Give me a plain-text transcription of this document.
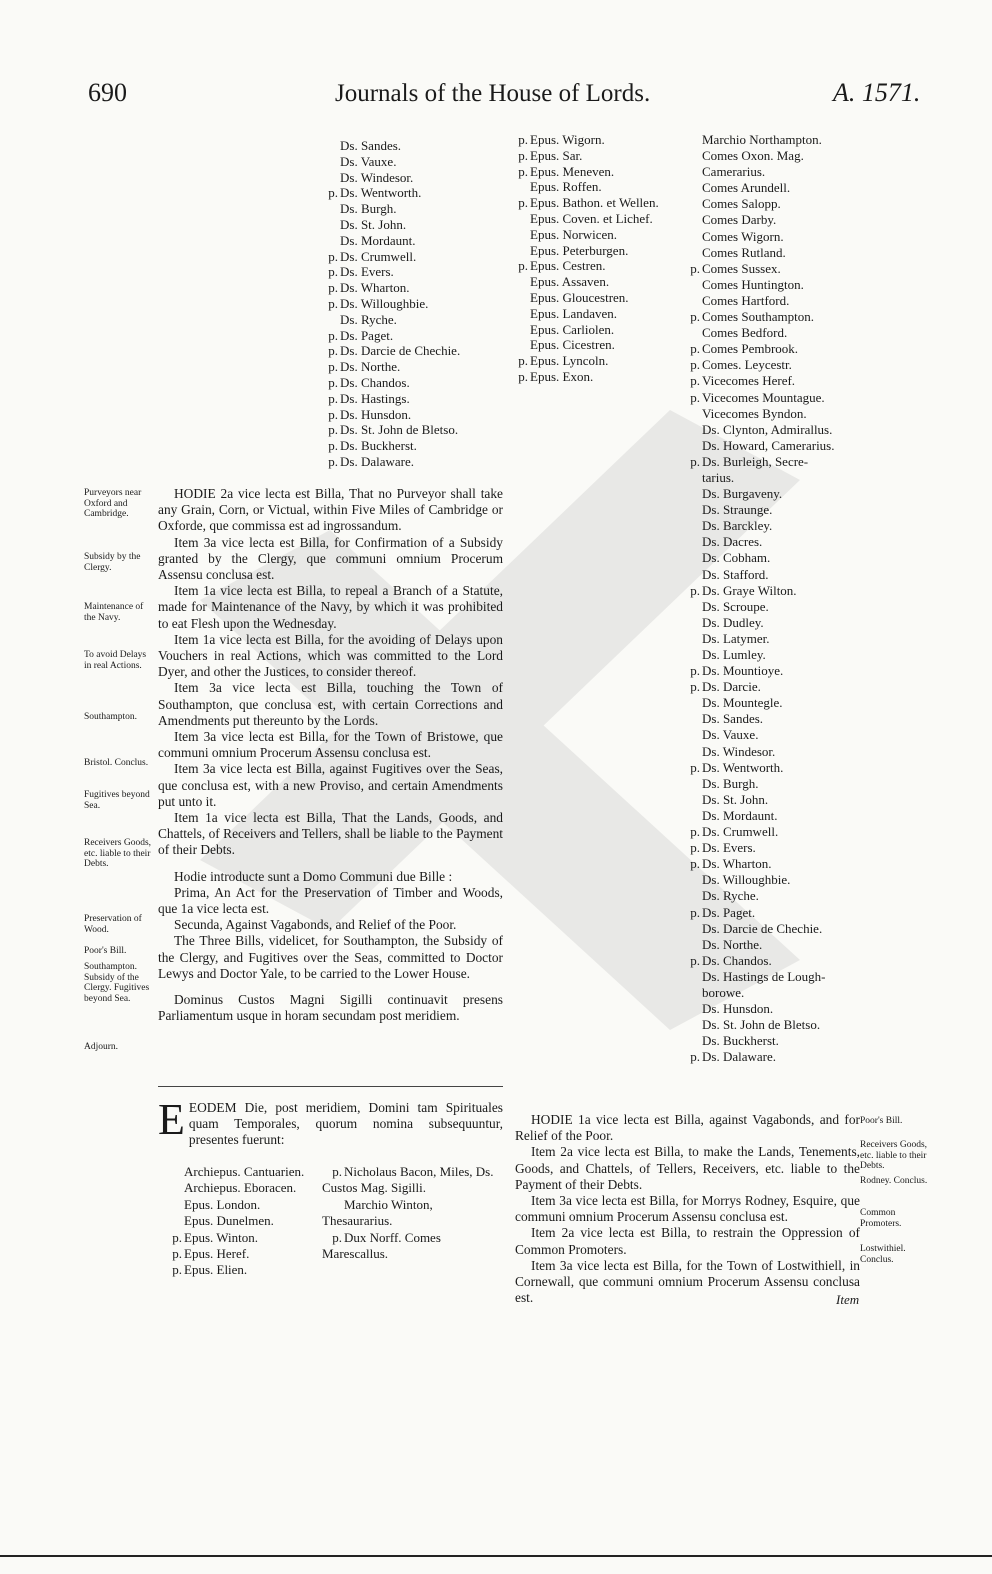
690	Journals of the House of Lords.	A. 1571.
Ds. Sandes.
Ds. Vauxe.
Ds. Windesor.
p. Ds. Wentworth.
Ds. Burgh.
Ds. St. John.
Ds. Mordaunt.
p. Ds. Crumwell.
p. Ds. Evers.
p. Ds. Wharton.
p. Ds. Willoughbie.
Ds. Ryche.
p. Ds. Paget.
p. Ds. Darcie de Chechie.
p. Ds. Northe.
p. Ds. Chandos.
p. Ds. Hastings.
p. Ds. Hunsdon.
p. Ds. St. John de Bletso.
p. Ds. Buckherst.
p. Ds. Dalaware.
p. Epus. Wigorn.
p. Epus. Sar.
p. Epus. Meneven.
Epus. Roffen.
p. Epus. Bathon. et Wellen.
Epus. Coven. et Lichef.
Epus. Norwicen.
Epus. Peterburgen.
p. Epus. Cestren.
Epus. Assaven.
Epus. Gloucestren.
Epus. Landaven.
Epus. Carliolen.
Epus. Cicestren.
p. Epus. Lyncoln.
p. Epus. Exon.
Marchio Northampton.
Comes Oxon. Mag.
Camerarius.
Comes Arundell.
Comes Salopp.
Comes Darby.
Comes Wigorn.
Comes Rutland.
p. Comes Sussex.
Comes Huntington.
Comes Hartford.
p. Comes Southampton.
Comes Bedford.
p. Comes Pembrook.
p. Comes. Leycestr.
p. Vicecomes Heref.
p. Vicecomes Mountague.
Vicecomes Byndon.
Ds. Clynton, Admirallus.
Ds. Howard, Camerarius.
p. Ds. Burleigh, Secre-
tarius.
Ds. Burgaveny.
Ds. Straunge.
Ds. Barckley.
Ds. Dacres.
Ds. Cobham.
Ds. Stafford.
p. Ds. Graye Wilton.
Ds. Scroupe.
Ds. Dudley.
Ds. Latymer.
Ds. Lumley.
p. Ds. Mountioye.
p. Ds. Darcie.
Ds. Mountegle.
Ds. Sandes.
Ds. Vauxe.
Ds. Windesor.
p. Ds. Wentworth.
Ds. Burgh.
Ds. St. John.
Ds. Mordaunt.
p. Ds. Crumwell.
p. Ds. Evers.
p. Ds. Wharton.
Ds. Willoughbie.
Ds. Ryche.
p. Ds. Paget.
Ds. Darcie de Chechie.
Ds. Northe.
p. Ds. Chandos.
Ds. Hastings de Lough-
borowe.
Ds. Hunsdon.
Ds. St. John de Bletso.
Ds. Buckherst.
p. Ds. Dalaware.
Purveyors near Oxford and Cambridge.
Subsidy by the Clergy.
Maintenance of the Navy.
To avoid Delays in real Actions.
Southampton.
Bristol. Conclus.
Fugitives beyond Sea.
Receivers Goods, etc. liable to their Debts.
Preservation of Wood.
Poor's Bill.
Southampton. Subsidy of the Clergy. Fugitives beyond Sea.
Adjourn.

HODIE 2a vice lecta est Billa, That no Purveyor shall take any Grain, Corn, or Victual, within Five Miles of Cambridge or Oxforde, que commissa est ad ingrossandum.

Item 3a vice lecta est Billa, for Confirmation of a Subsidy granted by the Clergy, que communi omnium Procerum Assensu conclusa est.

Item 1a vice lecta est Billa, to repeal a Branch of a Statute, made for Maintenance of the Navy, by which it was prohibited to eat Flesh upon the Wednesday.

Item 1a vice lecta est Billa, for the avoiding of Delays upon Vouchers in real Actions, which was committed to the Lord Dyer, and other the Justices, to consider thereof.

Item 3a vice lecta est Billa, touching the Town of Southampton, que conclusa est, with certain Corrections and Amendments put thereunto by the Lords.

Item 3a vice lecta est Billa, for the Town of Bristowe, que communi omnium Procerum Assensu conclusa est.

Item 3a vice lecta est Billa, against Fugitives over the Seas, que conclusa est, with a new Proviso, and certain Amendments put unto it.

Item 1a vice lecta est Billa, That the Lands, Goods, and Chattels, of Receivers and Tellers, shall be liable to the Payment of their Debts.

Hodie introducte sunt a Domo Communi due Bille :

Prima, An Act for the Preservation of Timber and Woods, que 1a vice lecta est.

Secunda, Against Vagabonds, and Relief of the Poor.

The Three Bills, videlicet, for Southampton, the Subsidy of the Clergy, and Fugitives over the Seas, committed to Doctor Lewys and Doctor Yale, to be carried to the Lower House.

Dominus Custos Magni Sigilli continuavit presens Parliamentum usque in horam secundam post meridiem.

EEODEM Die, post meridiem, Domini tam Spirituales quam Temporales, quorum nomina subsequuntur, presentes fuerunt:
Archiepus. Cantuarien.
Archiepus. Eboracen.
Epus. London.
Epus. Dunelmen.
p. Epus. Winton.
p. Epus. Heref.
p. Epus. Elien.
p. Nicholaus Bacon, Miles, Ds. Custos Mag. Sigilli.
Marchio Winton, Thesaurarius.
p. Dux Norff. Comes Marescallus.

HODIE 1a vice lecta est Billa, against Vagabonds, and for Relief of the Poor.

Item 2a vice lecta est Billa, to make the Lands, Tenements, Goods, and Chattels, of Tellers, Receivers, etc. liable to the Payment of their Debts.

Item 3a vice lecta est Billa, for Morrys Rodney, Esquire, que communi omnium Procerum Assensu conclusa est.

Item 2a vice lecta est Billa, to restrain the Oppression of Common Promoters.

Item 3a vice lecta est Billa, for the Town of Lostwithiell, in Cornewall, que communi omnium Procerum Assensu conclusa est.

Poor's Bill.
Receivers Goods, etc. liable to their Debts.
Rodney. Conclus.
Common Promoters.
Lostwithiel. Conclus.
Item
